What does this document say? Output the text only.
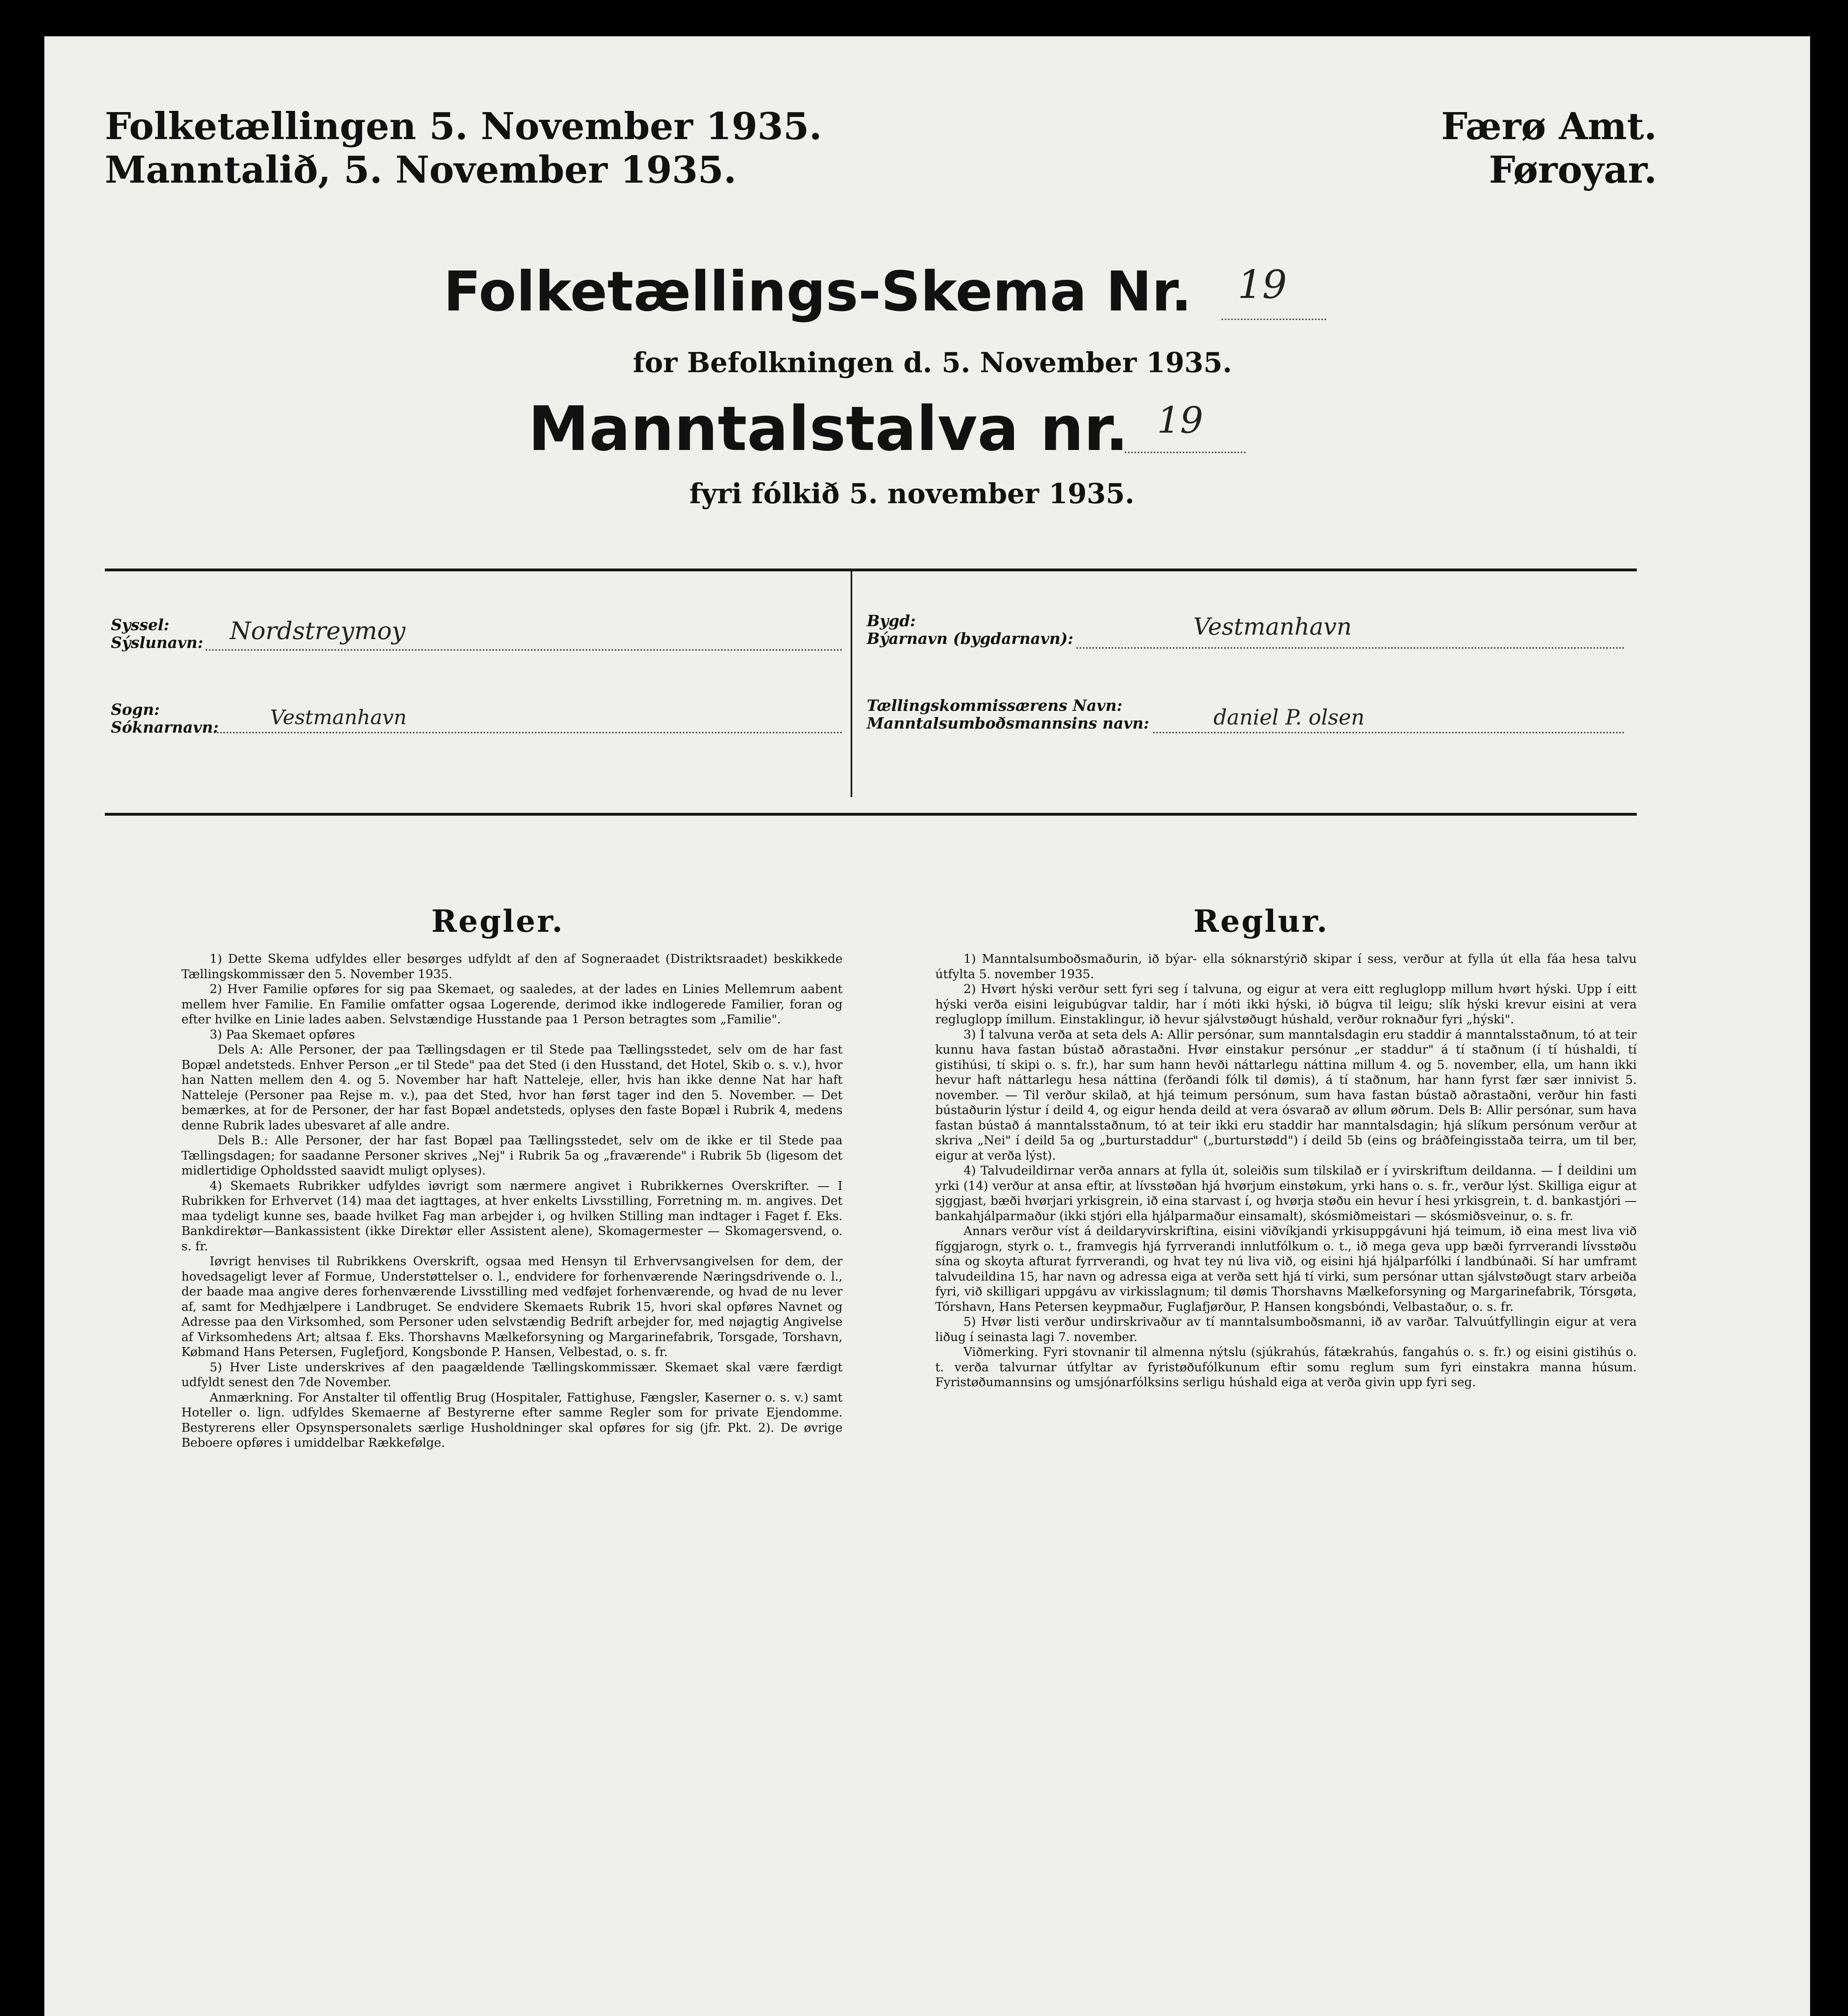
Folketællingen 5. November 1935.
Manntalið, 5. November 1935.
Færø Amt.
Føroyar.
Folketællings-Skema Nr. 19
for Befolkningen d. 5. November 1935.
Manntalstalva nr. 19
fyri fólkið 5. november 1935.
Syssel:
Sýslunavn: Nordstreymoy
Sogn:
Sóknarnavn:	Vestmanhavn
Bygd:
Býarnavn (bygdarnavn):	Vestmanhavn
Tællingskommissærens Navn:
Manntalsumboðsmannsins navn:	daniel P. olsen
Regler.

1) Dette Skema udfyldes eller besørges udfyldt af den af Sogneraadet (Distriktsraadet) beskikkede Tællingskommissær den 5. November 1935.

2) Hver Familie opføres for sig paa Skemaet, og saaledes, at der lades en Linies Mellemrum aabent mellem hver Familie. En Familie omfatter ogsaa Logerende, derimod ikke indlogerede Familier, foran og efter hvilke en Linie lades aaben. Selvstændige Husstande paa 1 Person betragtes som „Familie".

3) Paa Skemaet opføres

Dels A: Alle Personer, der paa Tællingsdagen er til Stede paa Tællingsstedet, selv om de har fast Bopæl andetsteds. Enhver Person „er til Stede" paa det Sted (i den Husstand, det Hotel, Skib o. s. v.), hvor han Natten mellem den 4. og 5. November har haft Natteleje, eller, hvis han ikke denne Nat har haft Natteleje (Personer paa Rejse m. v.), paa det Sted, hvor han først tager ind den 5. November. — Det bemærkes, at for de Personer, der har fast Bopæl andetsteds, oplyses den faste Bopæl i Rubrik 4, medens denne Rubrik lades ubesvaret af alle andre.

Dels B.: Alle Personer, der har fast Bopæl paa Tællingsstedet, selv om de ikke er til Stede paa Tællingsdagen; for saadanne Personer skrives „Nej" i Rubrik 5a og „fraværende" i Rubrik 5b (ligesom det midlertidige Opholdssted saavidt muligt oplyses).

4) Skemaets Rubrikker udfyldes iøvrigt som nærmere angivet i Rubrikkernes Overskrifter. — I Rubrikken for Erhvervet (14) maa det iagttages, at hver enkelts Livsstilling, Forretning m. m. angives. Det maa tydeligt kunne ses, baade hvilket Fag man arbejder i, og hvilken Stilling man indtager i Faget f. Eks. Bankdirektør—Bankassistent (ikke Direktør eller Assistent alene), Skomagermester — Skomagersvend, o. s. fr.

Iøvrigt henvises til Rubrikkens Overskrift, ogsaa med Hensyn til Erhvervsangivelsen for dem, der hovedsageligt lever af Formue, Understøttelser o. l., endvidere for forhenværende Næringsdrivende o. l., der baade maa angive deres forhenværende Livsstilling med vedføjet forhenværende, og hvad de nu lever af, samt for Medhjælpere i Landbruget. Se endvidere Skemaets Rubrik 15, hvori skal opføres Navnet og Adresse paa den Virksomhed, som Personer uden selvstændig Bedrift arbejder for, med nøjagtig Angivelse af Virksomhedens Art; altsaa f. Eks. Thorshavns Mælkeforsyning og Margarinefabrik, Torsgade, Torshavn, Købmand Hans Petersen, Fuglefjord, Kongsbonde P. Hansen, Velbestad, o. s. fr.

5) Hver Liste underskrives af den paagældende Tællingskommissær. Skemaet skal være færdigt udfyldt senest den 7de November.

Anmærkning. For Anstalter til offentlig Brug (Hospitaler, Fattighuse, Fængsler, Kaserner o. s. v.) samt Hoteller o. lign. udfyldes Skemaerne af Bestyrerne efter samme Regler som for private Ejendomme. Bestyrerens eller Opsynspersonalets særlige Husholdninger skal opføres for sig (jfr. Pkt. 2). De øvrige Beboere opføres i umiddelbar Rækkefølge.

Reglur.

1) Manntalsumboðsmaðurin, ið býar- ella sóknarstýrið skipar í sess, verður at fylla út ella fáa hesa talvu útfylta 5. november 1935.

2) Hvørt hýski verður sett fyri seg í talvuna, og eigur at vera eitt regluglopp millum hvørt hýski. Upp í eitt hýski verða eisini leigubúgvar taldir, har í móti ikki hýski, ið búgva til leigu; slík hýski krevur eisini at vera regluglopp ímillum. Einstaklingur, ið hevur sjálvstøðugt húshald, verður roknaður fyri „hýski".

3) Í talvuna verða at seta dels A: Allir persónar, sum manntalsdagin eru staddir á manntalsstaðnum, tó at teir kunnu hava fastan bústað aðrastaðni. Hvør einstakur persónur „er staddur" á tí staðnum (í tí húshaldi, tí gistihúsi, tí skipi o. s. fr.), har sum hann hevði náttarlegu náttina millum 4. og 5. november, ella, um hann ikki hevur haft náttarlegu hesa náttina (ferðandi fólk til dømis), á tí staðnum, har hann fyrst fær sær innivist 5. november. — Til verður skilað, at hjá teimum persónum, sum hava fastan bústað aðrastaðni, verður hin fasti bústaðurin lýstur í deild 4, og eigur henda deild at vera ósvarað av øllum øðrum. Dels B: Allir persónar, sum hava fastan bústað á manntalsstaðnum, tó at teir ikki eru staddir har manntalsdagin; hjá slíkum persónum verður at skriva „Nei" í deild 5a og „burturstaddur" („burturstødd") í deild 5b (eins og bráðfeingisstaða teirra, um til ber, eigur at verða lýst).

4) Talvudeildirnar verða annars at fylla út, soleiðis sum tilskilað er í yvirskriftum deildanna. — Í deildini um yrki (14) verður at ansa eftir, at lívsstøðan hjá hvørjum einstøkum, yrki hans o. s. fr., verður lýst. Skilliga eigur at sjggjast, bæði hvørjari yrkisgrein, ið eina starvast í, og hvørja støðu ein hevur í hesi yrkisgrein, t. d. bankastjóri — bankahjálparmaður (ikki stjóri ella hjálparmaður einsamalt), skósmiðmeistari — skósmiðsveinur, o. s. fr.

Annars verður víst á deildaryvirskriftina, eisini viðvíkjandi yrkisuppgávuni hjá teimum, ið eina mest liva við fíggjarogn, styrk o. t., framvegis hjá fyrrverandi innlutfólkum o. t., ið mega geva upp bæði fyrrverandi lívsstøðu sína og skoyta afturat fyrrverandi, og hvat tey nú liva við, og eisini hjá hjálparfólki í landbúnaði. Sí har umframt talvudeildina 15, har navn og adressa eiga at verða sett hjá tí virki, sum persónar uttan sjálvstøðugt starv arbeiða fyri, við skilligari uppgávu av virkisslagnum; til dømis Thorshavns Mælkeforsyning og Margarinefabrik, Tórsgøta, Tórshavn, Hans Petersen keypmaður, Fuglafjørður, P. Hansen kongsbóndi, Velbastaður, o. s. fr.

5) Hvør listi verður undirskrivaður av tí manntalsumboðsmanni, ið av varðar. Talvuútfyllingin eigur at vera liðug í seinasta lagi 7. november.

Viðmerking. Fyri stovnanir til almenna nýtslu (sjúkrahús, fátækrahús, fangahús o. s. fr.) og eisini gistihús o. t. verða talvurnar útfyltar av fyristøðufólkunum eftir somu reglum sum fyri einstakra manna húsum. Fyristøðumannsins og umsjónarfólksins serligu húshald eiga at verða givin upp fyri seg.
